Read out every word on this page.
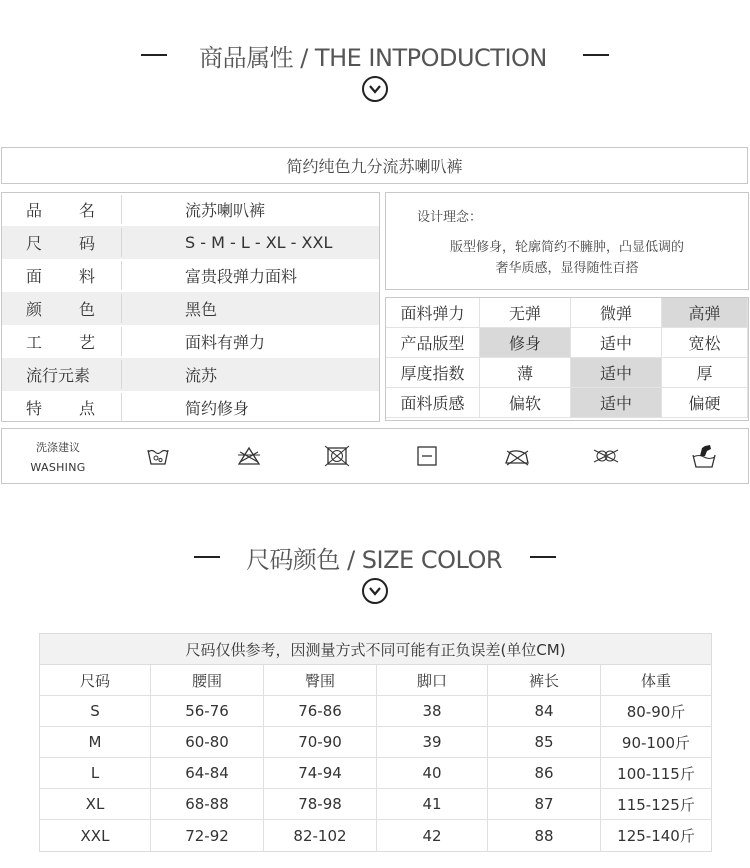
商品属性 / THE INTPODUCTION
简约纯色九分流苏喇叭裤
品 名	流苏喇叭裤
尺 码	S - M - L - XL - XXL
面 料	富贵段弹力面料
颜 色	黑色
工 艺	面料有弹力
流行元素	流苏
特 点	简约修身
设计理念：
版型修身，轮廓简约不臃肿，凸显低调的
奢华质感，显得随性百搭
面料弹力	无弹	微弹	高弹
产品版型	修身	适中	宽松
厚度指数	薄	适中	厚
面料质感	偏软	适中	偏硬
洗涤建议
WASHING
尺码颜色 / SIZE COLOR
尺码仅供参考，因测量方式不同可能有正负误差(单位CM)
尺码	腰围	臀围	脚口	裤长	体重
S	56-76	76-86	38	84	80-90斤
M	60-80	70-90	39	85	90-100斤
L	64-84	74-94	40	86	100-115斤
XL	68-88	78-98	41	87	115-125斤
XXL	72-92	82-102	42	88	125-140斤
